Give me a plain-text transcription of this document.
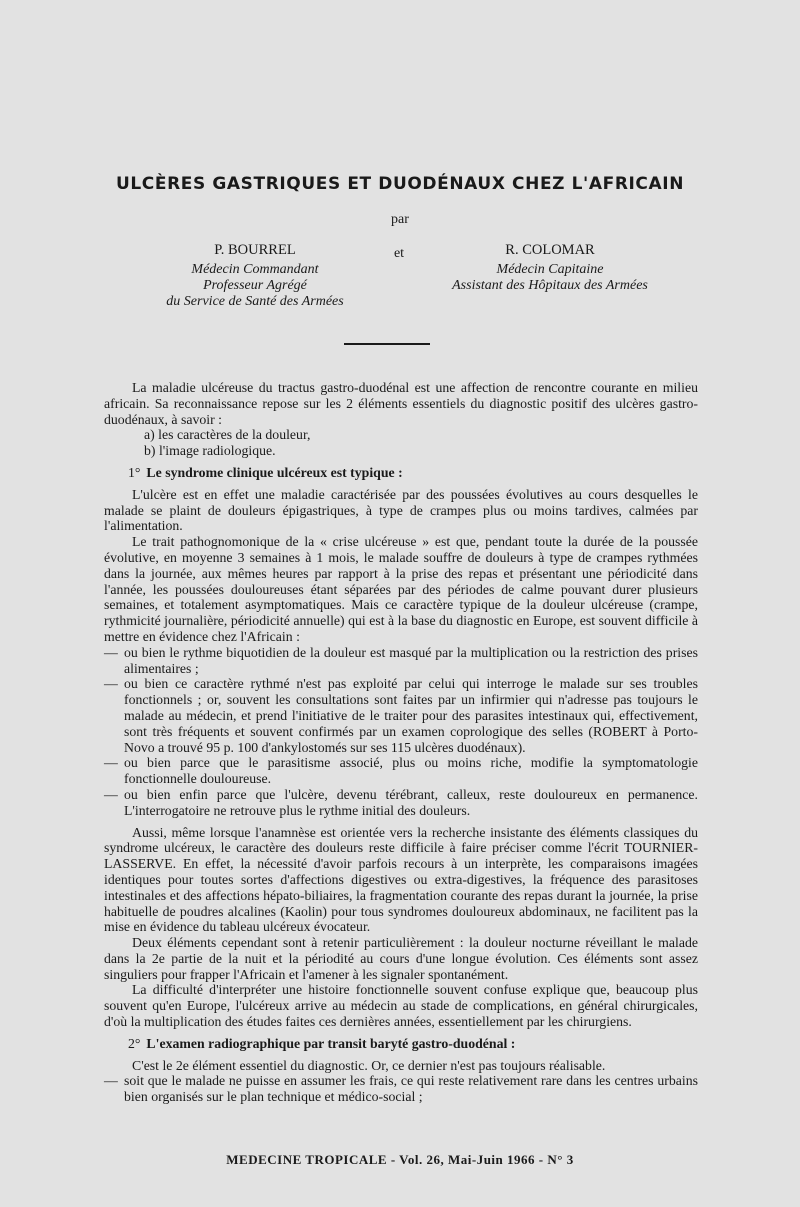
ULCÈRES GASTRIQUES ET DUODÉNAUX CHEZ L'AFRICAIN
par
P. BOURREL
Médecin Commandant
Professeur Agrégé
du Service de Santé des Armées
et	R. COLOMAR
Médecin Capitaine
Assistant des Hôpitaux des Armées

La maladie ulcéreuse du tractus gastro-duodénal est une affection de rencontre courante en milieu africain. Sa reconnaissance repose sur les 2 éléments essentiels du diagnostic positif des ulcères gastro-duodénaux, à savoir :

a) les caractères de la douleur,
b) l'image radiologique.
1° Le syndrome clinique ulcéreux est typique :

L'ulcère est en effet une maladie caractérisée par des poussées évolutives au cours desquelles le malade se plaint de douleurs épigastriques, à type de crampes plus ou moins tardives, calmées par l'alimentation.

Le trait pathognomonique de la « crise ulcéreuse » est que, pendant toute la durée de la poussée évolutive, en moyenne 3 semaines à 1 mois, le malade souffre de douleurs à type de crampes rythmées dans la journée, aux mêmes heures par rapport à la prise des repas et présentant une périodicité dans l'année, les poussées douloureuses étant séparées par des périodes de calme pouvant durer plusieurs semaines, et totalement asymptomatiques. Mais ce caractère typique de la douleur ulcéreuse (crampe, rythmicité journalière, périodicité annuelle) qui est à la base du diagnostic en Europe, est souvent difficile à mettre en évidence chez l'Africain :

— ou bien le rythme biquotidien de la douleur est masqué par la multiplication ou la restriction des prises alimentaires ;
— ou bien ce caractère rythmé n'est pas exploité par celui qui interroge le malade sur ses troubles fonctionnels ; or, souvent les consultations sont faites par un infirmier qui n'adresse pas toujours le malade au médecin, et prend l'initiative de le traiter pour des parasites intestinaux qui, effectivement, sont très fréquents et souvent confirmés par un examen coprologique des selles (ROBERT à Porto-Novo a trouvé 95 p. 100 d'ankylostomés sur ses 115 ulcères duodénaux).
— ou bien parce que le parasitisme associé, plus ou moins riche, modifie la symptomatologie fonctionnelle douloureuse.
— ou bien enfin parce que l'ulcère, devenu térébrant, calleux, reste douloureux en permanence. L'interrogatoire ne retrouve plus le rythme initial des douleurs.

Aussi, même lorsque l'anamnèse est orientée vers la recherche insistante des éléments classiques du syndrome ulcéreux, le caractère des douleurs reste difficile à faire préciser comme l'écrit TOURNIER-LASSERVE. En effet, la nécessité d'avoir parfois recours à un interprète, les comparaisons imagées identiques pour toutes sortes d'affections digestives ou extra-digestives, la fréquence des parasitoses intestinales et des affections hépato-biliaires, la fragmentation courante des repas durant la journée, la prise habituelle de poudres alcalines (Kaolin) pour tous syndromes douloureux abdominaux, ne facilitent pas la mise en évidence du tableau ulcéreux évocateur.

Deux éléments cependant sont à retenir particulièrement : la douleur nocturne réveillant le malade dans la 2e partie de la nuit et la périodité au cours d'une longue évolution. Ces éléments sont assez singuliers pour frapper l'Africain et l'amener à les signaler spontanément.

La difficulté d'interpréter une histoire fonctionnelle souvent confuse explique que, beaucoup plus souvent qu'en Europe, l'ulcéreux arrive au médecin au stade de complications, en général chirurgicales, d'où la multiplication des études faites ces dernières années, essentiellement par les chirurgiens.

2° L'examen radiographique par transit baryté gastro-duodénal :

C'est le 2e élément essentiel du diagnostic. Or, ce dernier n'est pas toujours réalisable.

— soit que le malade ne puisse en assumer les frais, ce qui reste relativement rare dans les centres urbains bien organisés sur le plan technique et médico-social ;
MEDECINE TROPICALE - Vol. 26, Mai-Juin 1966 - N° 3
